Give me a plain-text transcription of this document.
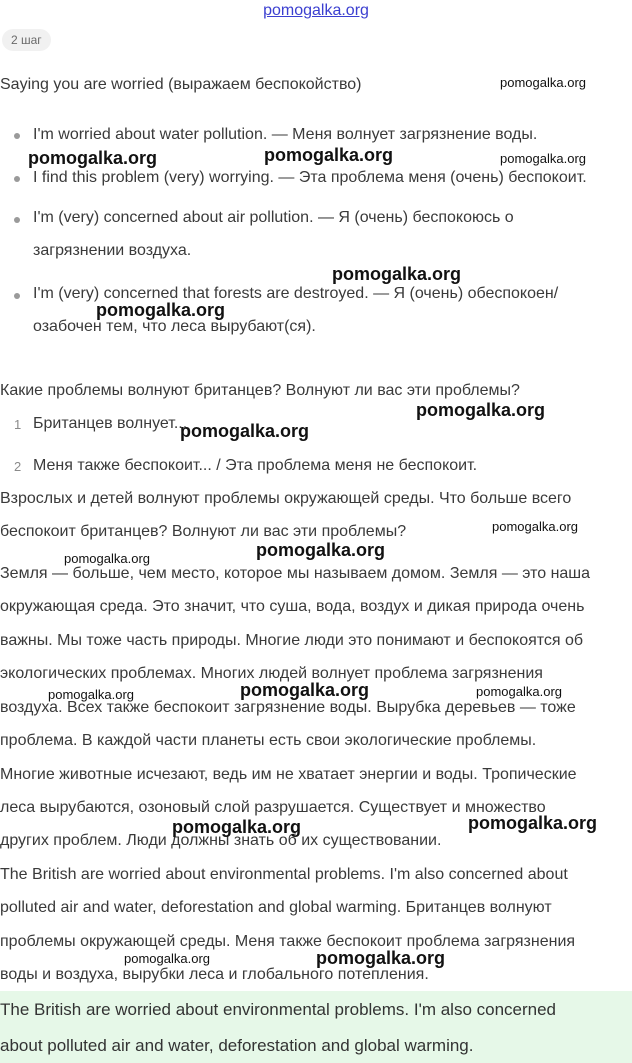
pomogalka.org
2 шаг
Saying you are worried (выражаем беспокойство)
I'm worried about water pollution. — Меня волнует загрязнение воды.
I find this problem (very) worrying. — Эта проблема меня (очень) беспокоит.
I'm (very) concerned about air pollution. — Я (очень) беспокоюсь о
загрязнении воздуха.
I'm (very) concerned that forests are destroyed. — Я (очень) обеспокоен/
озабочен тем, что леса вырубают(ся).
Какие проблемы волнуют британцев? Волнуют ли вас эти проблемы?
1 Британцев волнует...
2 Меня также беспокоит... / Эта проблема меня не беспокоит.
Взрослых и детей волнуют проблемы окружающей среды. Что больше всего
беспокоит британцев? Волнуют ли вас эти проблемы?
Земля — больше, чем место, которое мы называем домом. Земля — это наша
окружающая среда. Это значит, что суша, вода, воздух и дикая природа очень
важны. Мы тоже часть природы. Многие люди это понимают и беспокоятся об
экологических проблемах. Многих людей волнует проблема загрязнения
воздуха. Всех также беспокоит загрязнение воды. Вырубка деревьев — тоже
проблема. В каждой части планеты есть свои экологические проблемы.
Многие животные исчезают, ведь им не хватает энергии и воды. Тропические
леса вырубаются, озоновый слой разрушается. Существует и множество
других проблем. Люди должны знать об их существовании.
The British are worried about environmental problems. I'm also concerned about
polluted air and water, deforestation and global warming. Британцев волнуют
проблемы окружающей среды. Меня также беспокоит проблема загрязнения
воды и воздуха, вырубки леса и глобального потепления.
The British are worried about environmental problems. I'm also concerned
about polluted air and water, deforestation and global warming.
pomogalka.org
pomogalka.org	pomogalka.org	pomogalka.org
pomogalka.org
pomogalka.org
pomogalka.org
pomogalka.org
pomogalka.org
pomogalka.org
pomogalka.org
pomogalka.org	pomogalka.org
pomogalka.org
pomogalka.org
pomogalka.org
pomogalka.org
pomogalka.org
